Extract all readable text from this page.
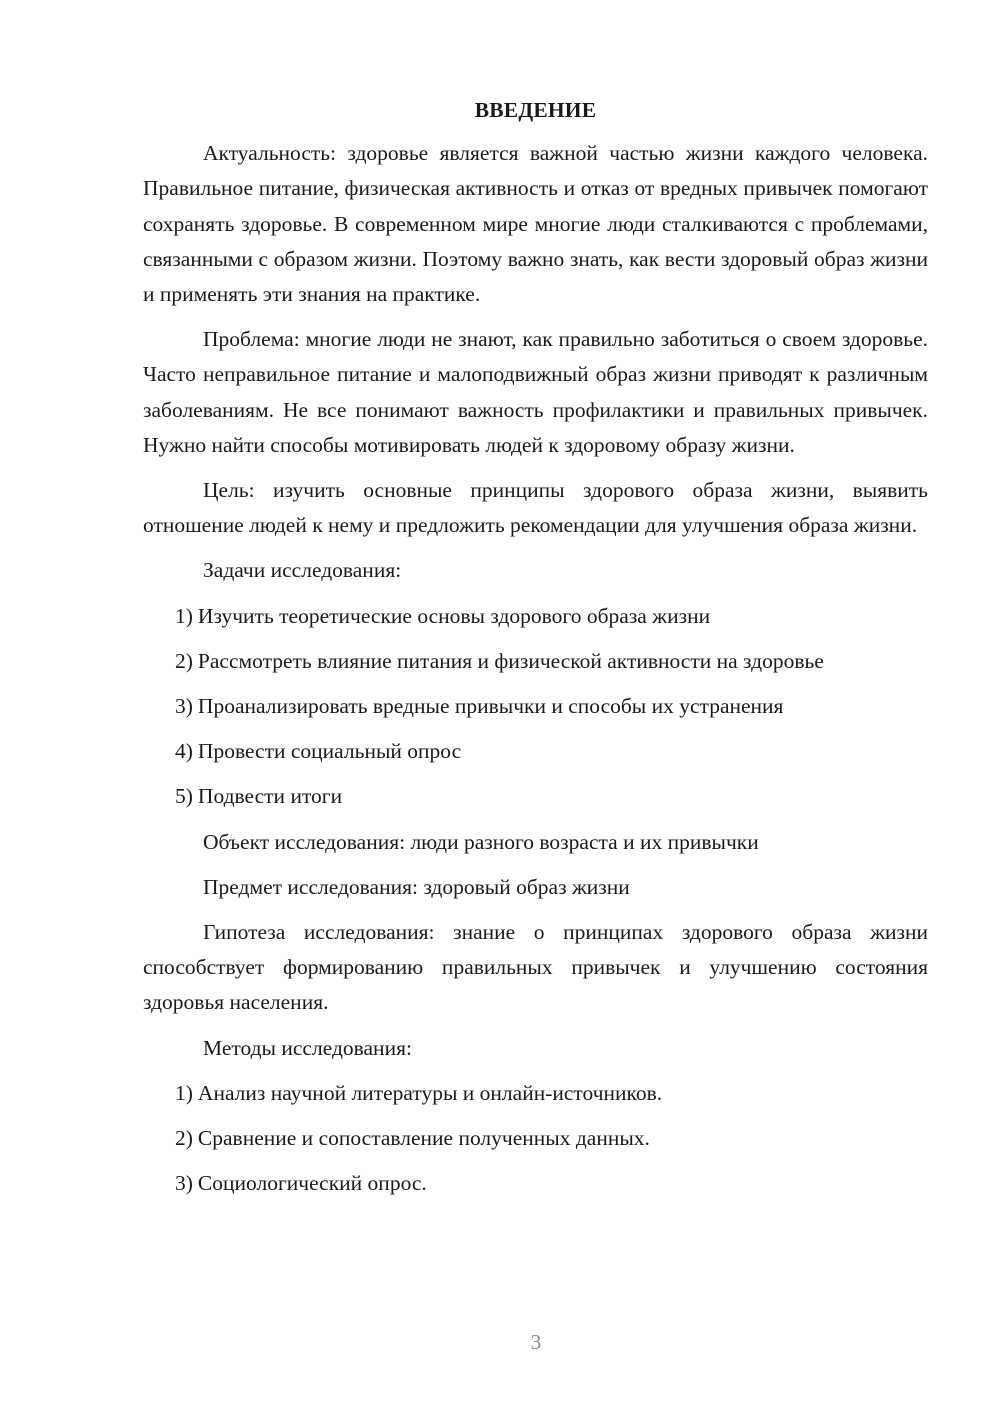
ВВЕДЕНИЕ

Актуальность: здоровье является важной частью жизни каждого человека. Правильное питание, физическая активность и отказ от вредных привычек помогают сохранять здоровье. В современном мире многие люди сталкиваются с проблемами, связанными с образом жизни. Поэтому важно знать, как вести здоровый образ жизни и применять эти знания на практике.

Проблема: многие люди не знают, как правильно заботиться о своем здоровье. Часто неправильное питание и малоподвижный образ жизни приводят к различным заболеваниям. Не все понимают важность профилактики и правильных привычек. Нужно найти способы мотивировать людей к здоровому образу жизни.

Цель: изучить основные принципы здорового образа жизни, выявить отношение людей к нему и предложить рекомендации для улучшения образа жизни.

Задачи исследования:
1) Изучить теоретические основы здорового образа жизни
2) Рассмотреть влияние питания и физической активности на здоровье
3) Проанализировать вредные привычки и способы их устранения
4) Провести социальный опрос
5) Подвести итоги
Объект исследования: люди разного возраста и их привычки
Предмет исследования: здоровый образ жизни

Гипотеза исследования: знание о принципах здорового образа жизни способствует формированию правильных привычек и улучшению состояния здоровья населения.

Методы исследования:
1) Анализ научной литературы и онлайн-источников.
2) Сравнение и сопоставление полученных данных.
3) Социологический опрос.
3
